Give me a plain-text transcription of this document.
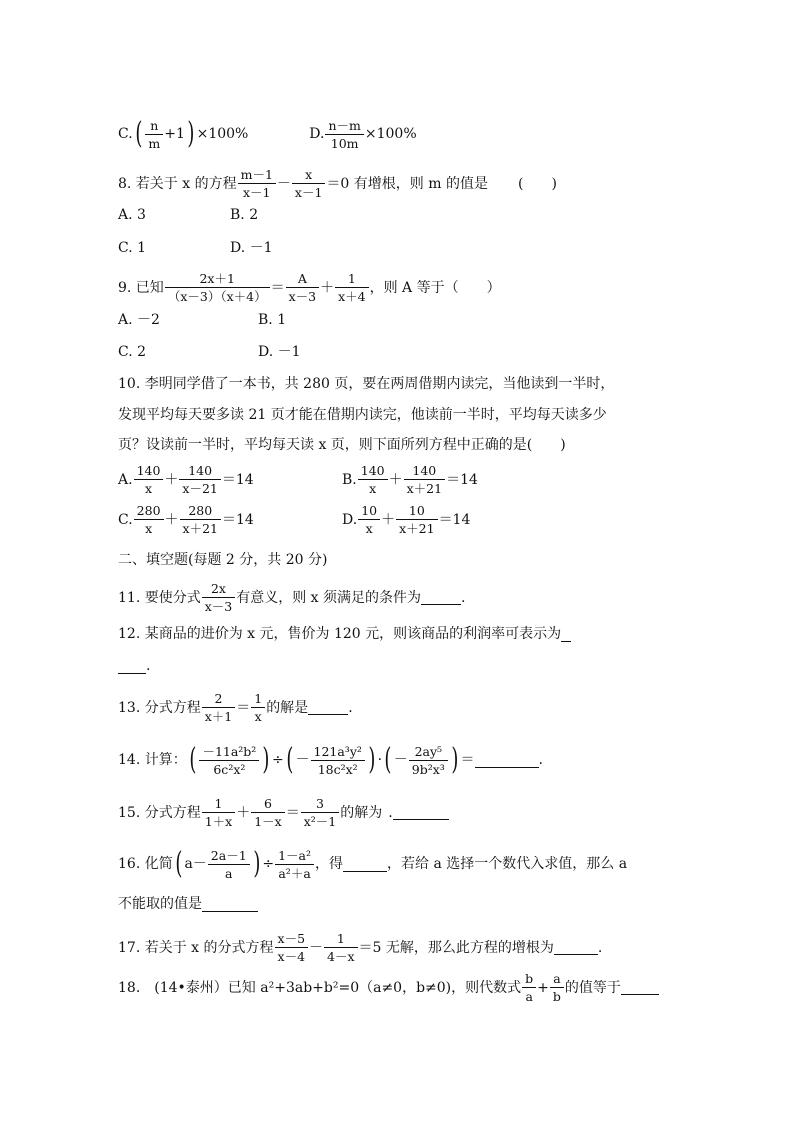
$C.( \frac{n}{m} +1) \times 100\%$	D. $\frac{n-m}{10m} \times 100\%$
8. 若关于 x 的方程 $\frac{m-1}{x-1} - \frac{x}{x-1} =0$ 有增根，则 m 的值是 (　　)
A. 3	B. 2
C. 1	D. －1
9. 已知 $\frac{2x+1}{(x-3)(x+4)} = \frac{A}{x-3} + \frac{1}{x+4}$ ，则 A 等于（　　）
A. －2	B. 1
C. 2	D. －1
10. 李明同学借了一本书，共 280 页，要在两周借期内读完，当他读到一半时，
发现平均每天要多读 21 页才能在借期内读完，他读前一半时，平均每天读多少
页？设读前一半时，平均每天读 x 页，则下面所列方程中正确的是(　　)
A. $\frac{140}{x} + \frac{140}{x-21} =14$	B. $\frac{140}{x} + \frac{140}{x+21} =14$
C. $\frac{280}{x} + \frac{280}{x+21} =14$	D. $\frac{10}{x} + \frac{10}{x+21} =14$
二、填空题(每题 2 分，共 20 分)
11. 要使分式 $\frac{2x}{x-3}$ 有意义，则 x 须满足的条件为	.
12. 某商品的进价为 x 元，售价为 120 元，则该商品的利润率可表示为
.
13. 分式方程 $\frac{2}{x+1} = \frac{1}{x}$ 的解是	.
14. 计算：( $\frac{\text{－11a²b²}}{\text{6c²x²}}$ ) ÷( － $\frac{\text{121a³y²}}{\text{18c²x²}}$ ) ·( － $\frac{\text{2ay⁵}}{\text{9b²x³}}$ ) ＝	.
15. 分式方程 $\frac{1}{1+x} + \frac{6}{1-x} = \frac{3}{\text{x²－1}}$ 的解为 .
16. 化简( $a- \frac{2a-1}{a}$ ) ÷ $\frac{\text{1－a²}}{\text{a²＋a}}$ ，得	，若给 a 选择一个数代入求值，那么 a
不能取的值是
17. 若关于 x 的分式方程 $\frac{x-5}{x-4} - \frac{1}{4-x} =5$ 无解，那么此方程的增根为	.
18.　(14•泰州）已知 a²+3ab+b²=0（a≠0，b≠0)，则代数式 $\frac{b}{a} + \frac{a}{b}$ 的值等于
